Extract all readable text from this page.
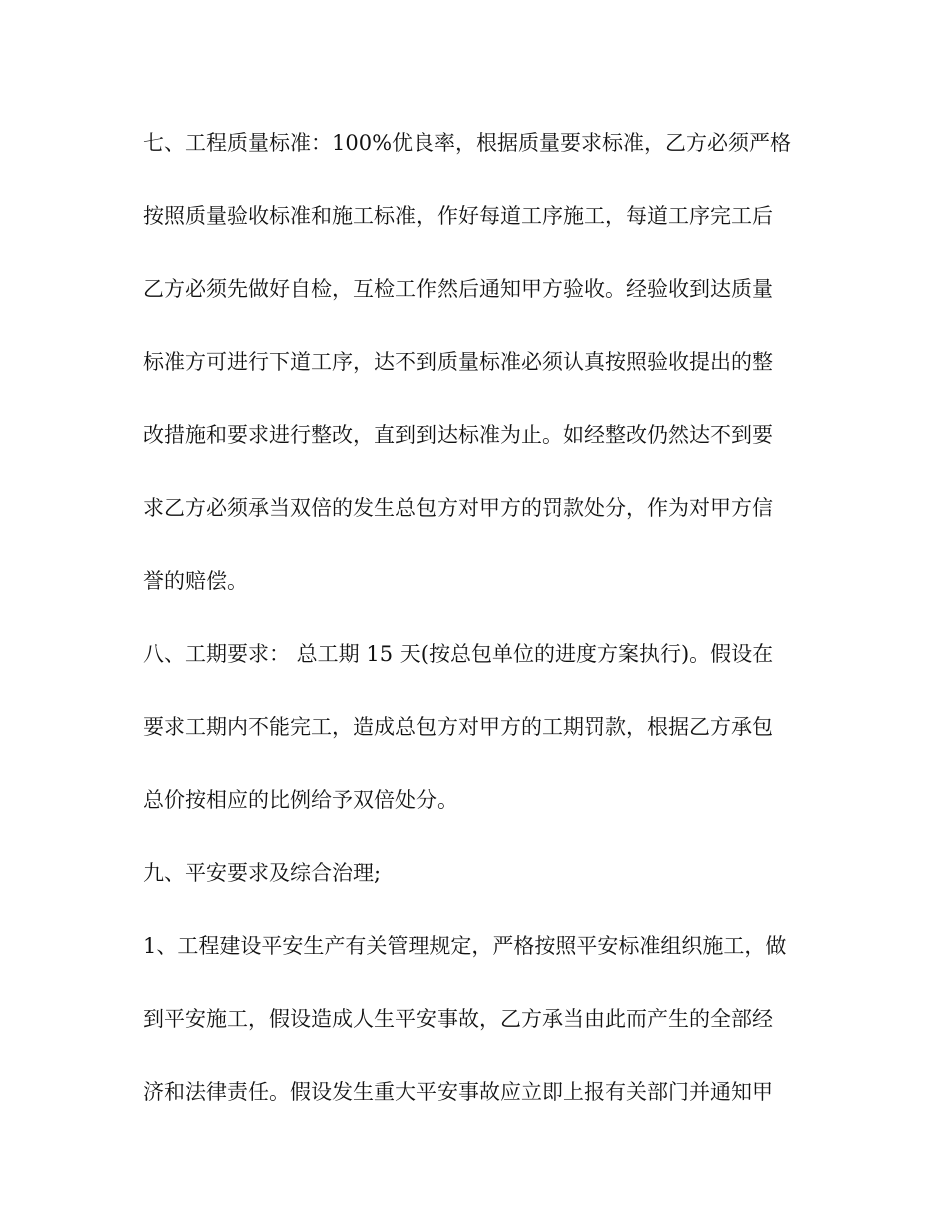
七、工程质量标准：100%优良率，根据质量要求标准，乙方必须严格
按照质量验收标准和施工标准，作好每道工序施工，每道工序完工后
乙方必须先做好自检，互检工作然后通知甲方验收。经验收到达质量
标准方可进行下道工序，达不到质量标准必须认真按照验收提出的整
改措施和要求进行整改，直到到达标准为止。如经整改仍然达不到要
求乙方必须承当双倍的发生总包方对甲方的罚款处分，作为对甲方信
誉的赔偿。
八、工期要求： 总工期 15 天(按总包单位的进度方案执行)。假设在
要求工期内不能完工，造成总包方对甲方的工期罚款，根据乙方承包
总价按相应的比例给予双倍处分。
九、平安要求及综合治理;
1、工程建设平安生产有关管理规定，严格按照平安标准组织施工，做
到平安施工，假设造成人生平安事故，乙方承当由此而产生的全部经
济和法律责任。假设发生重大平安事故应立即上报有关部门并通知甲
